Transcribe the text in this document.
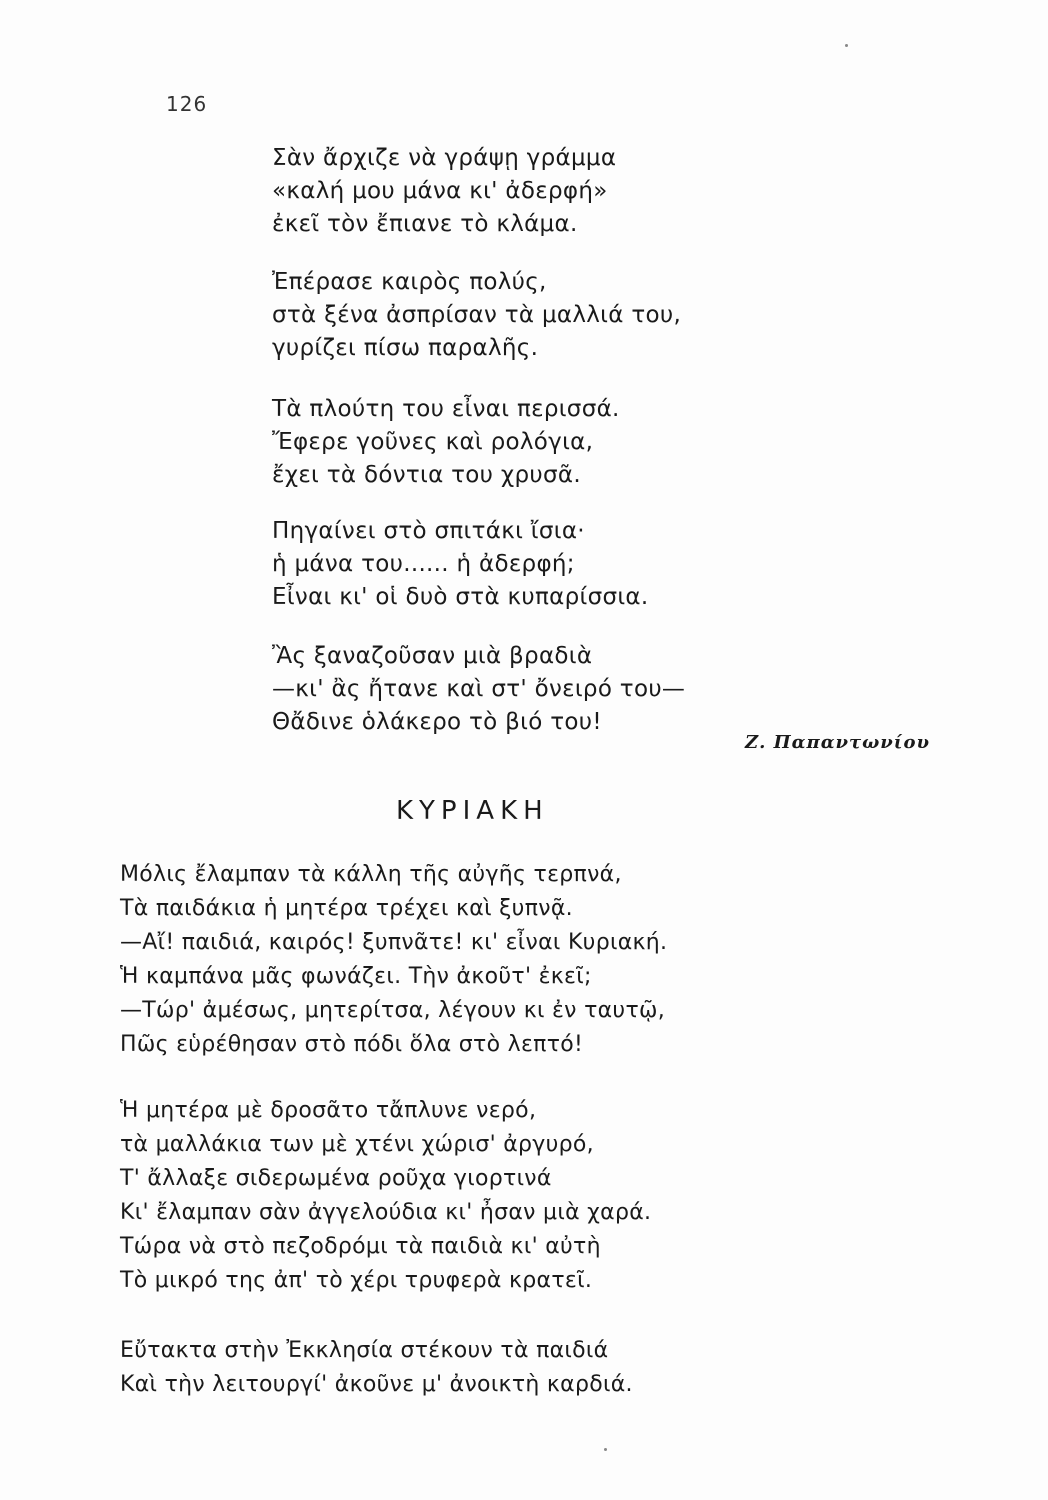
126
Σὰν ἄρχιζε νὰ γράψῃ γράμμα
«καλή μου μάνα κι' ἀδερφή»
ἐκεῖ τὸν ἔπιανε τὸ κλάμα.
Ἐπέρασε καιρὸς πολύς,
στὰ ξένα ἀσπρίσαν τὰ μαλλιά του,
γυρίζει πίσω παραλῆς.
Τὰ πλούτη του εἶναι περισσά.
Ἔφερε γοῦνες καὶ ρολόγια,
ἔχει τὰ δόντια του χρυσᾶ.
Πηγαίνει στὸ σπιτάκι ἴσια·
ἡ μάνα του...... ἡ ἀδερφή;
Εἶναι κι' οἱ δυὸ στὰ κυπαρίσσια.
Ἂς ξαναζοῦσαν μιὰ βραδιὰ
—κι' ἂς ἤτανε καὶ στ' ὄνειρό του—
Θἄδινε ὁλάκερο τὸ βιό του!
Ζ. Παπαντωνίου
ΚΥΡΙΑΚΗ
Μόλις ἔλαμπαν τὰ κάλλη τῆς αὐγῆς τερπνά,
Τὰ παιδάκια ἡ μητέρα τρέχει καὶ ξυπνᾷ.
—Αἴ! παιδιά, καιρός! ξυπνᾶτε! κι' εἶναι Κυριακή.
Ἡ καμπάνα μᾶς φωνάζει. Τὴν ἀκοῦτ' ἐκεῖ;
—Τώρ' ἀμέσως, μητερίτσα, λέγουν κι ἐν ταυτῷ,
Πῶς εὑρέθησαν στὸ πόδι ὅλα στὸ λεπτό!
Ἡ μητέρα μὲ δροσᾶτο τἄπλυνε νερό,
τὰ μαλλάκια των μὲ χτένι χώρισ' ἀργυρό,
Τ' ἄλλαξε σιδερωμένα ροῦχα γιορτινά
Κι' ἔλαμπαν σὰν ἀγγελούδια κι' ἦσαν μιὰ χαρά.
Τώρα νὰ στὸ πεζοδρόμι τὰ παιδιὰ κι' αὐτὴ
Τὸ μικρό της ἀπ' τὸ χέρι τρυφερὰ κρατεῖ.
Εὔτακτα στὴν Ἐκκλησία στέκουν τὰ παιδιά
Καὶ τὴν λειτουργί' ἀκοῦνε μ' ἀνοικτὴ καρδιά.
